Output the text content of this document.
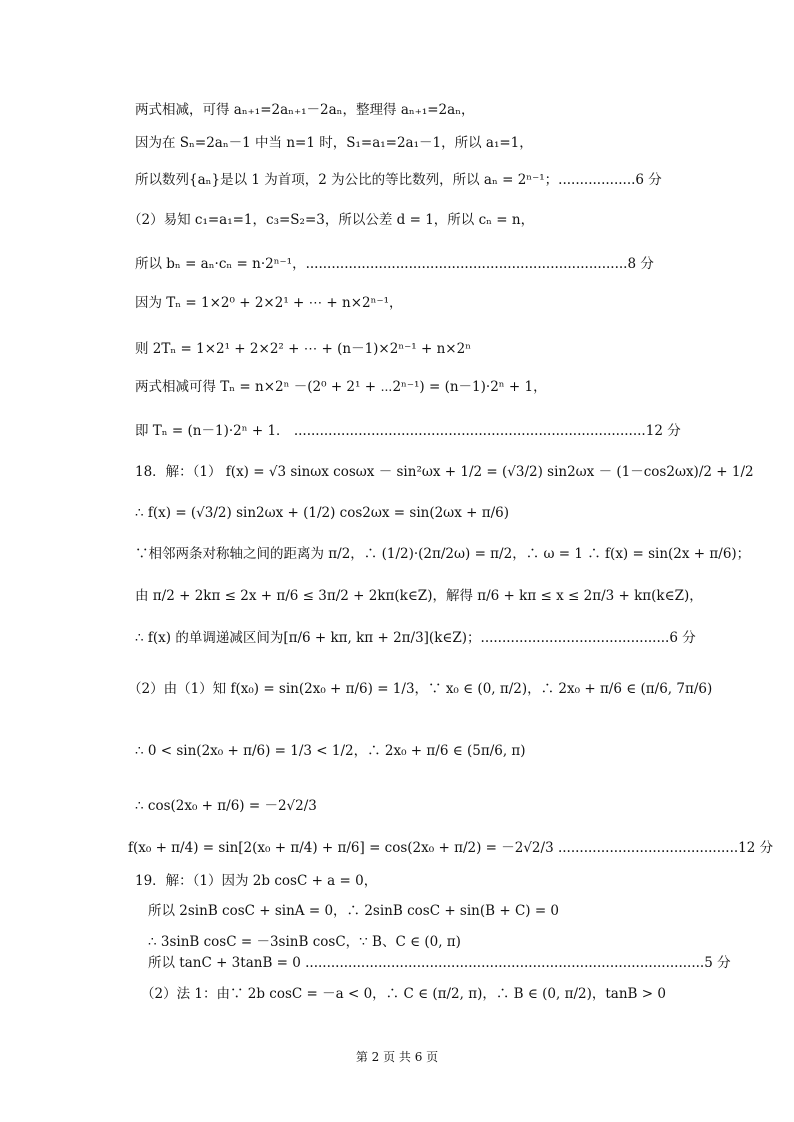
两式相减，可得 aₙ₊₁=2aₙ₊₁－2aₙ，整理得 aₙ₊₁=2aₙ，
因为在 Sₙ=2aₙ－1 中当 n=1 时，S₁=a₁=2a₁－1，所以 a₁=1，
所以数列{aₙ}是以 1 为首项，2 为公比的等比数列，所以 aₙ = 2ⁿ⁻¹；..................6 分
（2）易知 c₁=a₁=1，c₃=S₂=3，所以公差 d = 1，所以 cₙ = n，
所以 bₙ = aₙ·cₙ = n·2ⁿ⁻¹，...........................................................................8 分
因为 Tₙ = 1×2⁰ + 2×2¹ + ⋯ + n×2ⁿ⁻¹，
则 2Tₙ = 1×2¹ + 2×2² + ⋯ + (n－1)×2ⁿ⁻¹ + n×2ⁿ
两式相减可得 Tₙ = n×2ⁿ －(2⁰ + 2¹ + ⋯2ⁿ⁻¹) = (n－1)·2ⁿ + 1，
即 Tₙ = (n－1)·2ⁿ + 1． ..................................................................................12 分
18．解：（1） f(x) = √3 sinωx cosωx － sin²ωx + 1/2 = (√3/2) sin2ωx － (1－cos2ωx)/2 + 1/2
∴ f(x) = (√3/2) sin2ωx + (1/2) cos2ωx = sin(2ωx + π/6)
∵相邻两条对称轴之间的距离为 π/2，∴ (1/2)·(2π/2ω) = π/2，∴ ω = 1 ∴ f(x) = sin(2x + π/6)；
由 π/2 + 2kπ ≤ 2x + π/6 ≤ 3π/2 + 2kπ(k∈Z)，解得 π/6 + kπ ≤ x ≤ 2π/3 + kπ(k∈Z)，
∴ f(x) 的单调递减区间为[π/6 + kπ, kπ + 2π/3](k∈Z)；............................................6 分
（2）由（1）知 f(x₀) = sin(2x₀ + π/6) = 1/3，∵ x₀ ∈ (0, π/2)，∴ 2x₀ + π/6 ∈ (π/6, 7π/6)
∴ 0 < sin(2x₀ + π/6) = 1/3 < 1/2，∴ 2x₀ + π/6 ∈ (5π/6, π)
∴ cos(2x₀ + π/6) = －2√2/3
f(x₀ + π/4) = sin[2(x₀ + π/4) + π/6] = cos(2x₀ + π/2) = －2√2/3 ..........................................12 分
19．解：（1）因为 2b cosC + a = 0，
所以 2sinB cosC + sinA = 0，∴ 2sinB cosC + sin(B + C) = 0
∴ 3sinB cosC = －3sinB cosC，∵ B、C ∈ (0, π)
所以 tanC + 3tanB = 0 .............................................................................................5 分
（2）法 1：由∵ 2b cosC = －a < 0，∴ C ∈ (π/2, π)，∴ B ∈ (0, π/2)，tanB > 0
第 2 页 共 6 页
